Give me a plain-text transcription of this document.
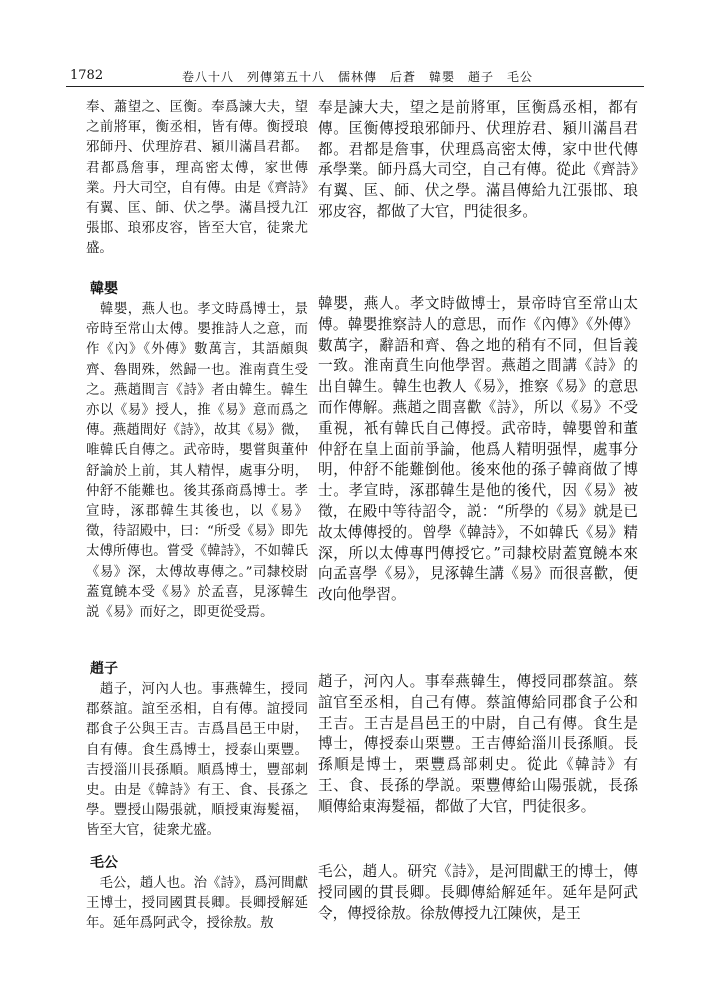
1782	卷八十八　列傳第五十八　儒林傳　后蒼　韓嬰　趙子　毛公

奉、蕭望之、匡衡。奉爲諫大夫，望之前將軍，衡丞相，皆有傳。衡授琅邪師丹、伏理斿君、潁川滿昌君都。君都爲詹事，理高密太傅，家世傳業。丹大司空，自有傳。由是《齊詩》有翼、匡、師、伏之學。滿昌授九江張邯、琅邪皮容，皆至大官，徒衆尤盛。

韓嬰

　韓嬰，燕人也。孝文時爲博士，景帝時至常山太傅。嬰推詩人之意，而作《內》《外傳》數萬言，其語頗與齊、魯間殊，然歸一也。淮南賁生受之。燕趙間言《詩》者由韓生。韓生亦以《易》授人，推《易》意而爲之傳。燕趙間好《詩》，故其《易》微，唯韓氏自傳之。武帝時，嬰嘗與董仲舒論於上前，其人精悍，處事分明，仲舒不能難也。後其孫商爲博士。孝宣時，涿郡韓生其後也，以《易》徵，待詔殿中，曰：“所受《易》即先太傅所傳也。嘗受《韓詩》，不如韓氏《易》深，太傅故專傳之。”司隸校尉蓋寬饒本受《易》於孟喜，見涿韓生説《易》而好之，即更從受焉。

趙子

　趙子，河內人也。事燕韓生，授同郡蔡誼。誼至丞相，自有傳。誼授同郡食子公與王吉。吉爲昌邑王中尉，自有傳。食生爲博士，授泰山栗豐。吉授淄川長孫順。順爲博士，豐部刺史。由是《韓詩》有王、食、長孫之學。豐授山陽張就，順授東海髮福，皆至大官，徒衆尤盛。

毛公

　毛公，趙人也。治《詩》，爲河間獻王博士，授同國貫長卿。長卿授解延年。延年爲阿武令，授徐敖。敖

奉是諫大夫，望之是前將軍，匡衡爲丞相，都有傳。匡衡傳授琅邪師丹、伏理斿君、潁川滿昌君都。君都是詹事，伏理爲高密太傅，家中世代傳承學業。師丹爲大司空，自己有傳。從此《齊詩》有翼、匡、師、伏之學。滿昌傳給九江張邯、琅邪皮容，都做了大官，門徒很多。

韓嬰，燕人。孝文時做博士，景帝時官至常山太傅。韓嬰推察詩人的意思，而作《內傳》《外傳》數萬字，辭語和齊、魯之地的稍有不同，但旨義一致。淮南賁生向他學習。燕趙之間講《詩》的出自韓生。韓生也教人《易》，推察《易》的意思而作傳解。燕趙之間喜歡《詩》，所以《易》不受重視，衹有韓氏自己傳授。武帝時，韓嬰曾和董仲舒在皇上面前爭論，他爲人精明强悍，處事分明，仲舒不能難倒他。後來他的孫子韓商做了博士。孝宣時，涿郡韓生是他的後代，因《易》被徵，在殿中等待詔令，説：“所學的《易》就是已故太傅傳授的。曾學《韓詩》，不如韓氏《易》精深，所以太傅專門傳授它。”司隸校尉蓋寬饒本來向孟喜學《易》，見涿韓生講《易》而很喜歡，便改向他學習。

趙子，河內人。事奉燕韓生，傳授同郡蔡誼。蔡誼官至丞相，自己有傳。蔡誼傳給同郡食子公和王吉。王吉是昌邑王的中尉，自己有傳。食生是博士，傳授泰山栗豐。王吉傳給淄川長孫順。長孫順是博士，栗豐爲部刺史。從此《韓詩》有王、食、長孫的學説。栗豐傳給山陽張就，長孫順傳給東海髮福，都做了大官，門徒很多。

毛公，趙人。研究《詩》，是河間獻王的博士，傳授同國的貫長卿。長卿傳給解延年。延年是阿武令，傳授徐敖。徐敖傳授九江陳俠，是王
